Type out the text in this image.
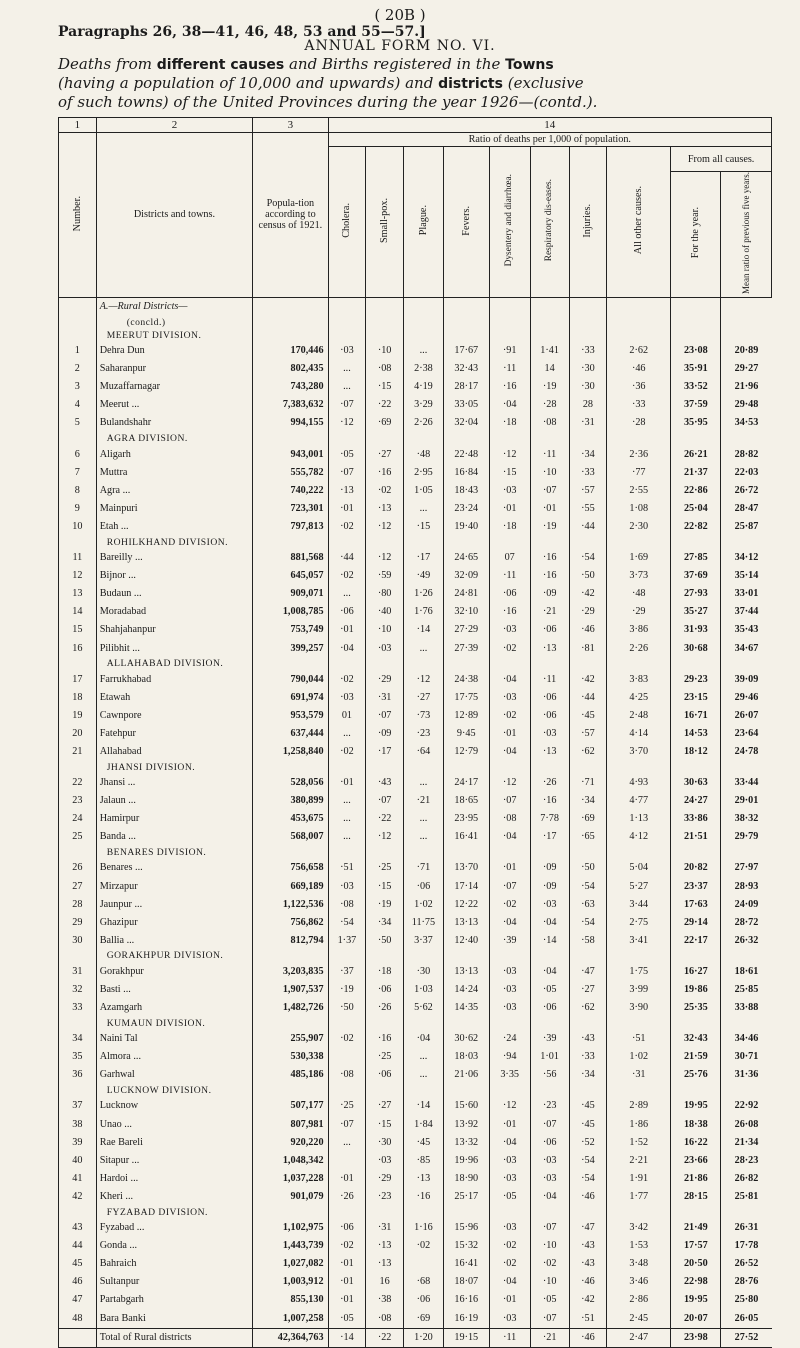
( 20B )
Paragraphs 26, 38—41, 46, 48, 53 and 55—57.]
ANNUAL FORM NO. VI.
Deaths from different causes and Births registered in the Towns
(having a population of 10,000 and upwards) and districts (exclusive
of such towns) of the United Provinces during the year 1926—(contd.).
1	2	3	14									
Number.	Districts and towns.	Popula-tion according to census of 1921.	Ratio of deaths per 1,000 of population.									
			Cholera.	Small-pox.	Plague.	Fevers.	Dysentery and diarrhœa.	Respiratory dis-eases.	Injuries.	All other causes.	From all causes.	
											For the year.	Mean ratio of previous five years.
	A.—Rural Districts—											
	(concld.)											
	MEERUT DIVISION.											
1	Dehra Dun	170,446	·03	·10	...	17·67	·91	1·41	·33	2·62	23·08	20·89
2	Saharanpur	802,435	...	·08	2·38	32·43	·11	14	·30	·46	35·91	29·27
3	Muzaffarnagar	743,280	...	·15	4·19	28·17	·16	·19	·30	·36	33·52	21·96
4	Meerut ...	7,383,632	·07	·22	3·29	33·05	·04	·28	28	·33	37·59	29·48
5	Bulandshahr	994,155	·12	·69	2·26	32·04	·18	·08	·31	·28	35·95	34·53
	AGRA DIVISION.											
6	Aligarh	943,001	·05	·27	·48	22·48	·12	·11	·34	2·36	26·21	28·82
7	Muttra	555,782	·07	·16	2·95	16·84	·15	·10	·33	·77	21·37	22·03
8	Agra ...	740,222	·13	·02	1·05	18·43	·03	·07	·57	2·55	22·86	26·72
9	Mainpuri	723,301	·01	·13	...	23·24	·01	·01	·55	1·08	25·04	28·47
10	Etah ...	797,813	·02	·12	·15	19·40	·18	·19	·44	2·30	22·82	25·87
	ROHILKHAND DIVISION.											
11	Bareilly ...	881,568	·44	·12	·17	24·65	07	·16	·54	1·69	27·85	34·12
12	Bijnor ...	645,057	·02	·59	·49	32·09	·11	·16	·50	3·73	37·69	35·14
13	Budaun ...	909,071	...	·80	1·26	24·81	·06	·09	·42	·48	27·93	33·01
14	Moradabad	1,008,785	·06	·40	1·76	32·10	·16	·21	·29	·29	35·27	37·44
15	Shahjahanpur	753,749	·01	·10	·14	27·29	·03	·06	·46	3·86	31·93	35·43
16	Pilibhit ...	399,257	·04	·03	...	27·39	·02	·13	·81	2·26	30·68	34·67
	ALLAHABAD DIVISION.											
17	Farrukhabad	790,044	·02	·29	·12	24·38	·04	·11	·42	3·83	29·23	39·09
18	Etawah	691,974	·03	·31	·27	17·75	·03	·06	·44	4·25	23·15	29·46
19	Cawnpore	953,579	01	·07	·73	12·89	·02	·06	·45	2·48	16·71	26·07
20	Fatehpur	637,444	...	·09	·23	9·45	·01	·03	·57	4·14	14·53	23·64
21	Allahabad	1,258,840	·02	·17	·64	12·79	·04	·13	·62	3·70	18·12	24·78
	JHANSI DIVISION.											
22	Jhansi ...	528,056	·01	·43	...	24·17	·12	·26	·71	4·93	30·63	33·44
23	Jalaun ...	380,899	...	·07	·21	18·65	·07	·16	·34	4·77	24·27	29·01
24	Hamirpur	453,675	...	·22	...	23·95	·08	7·78	·69	1·13	33·86	38·32
25	Banda ...	568,007	...	·12	...	16·41	·04	·17	·65	4·12	21·51	29·79
	BENARES DIVISION.											
26	Benares ...	756,658	·51	·25	·71	13·70	·01	·09	·50	5·04	20·82	27·97
27	Mirzapur	669,189	·03	·15	·06	17·14	·07	·09	·54	5·27	23·37	28·93
28	Jaunpur ...	1,122,536	·08	·19	1·02	12·22	·02	·03	·63	3·44	17·63	24·09
29	Ghazipur	756,862	·54	·34	11·75	13·13	·04	·04	·54	2·75	29·14	28·72
30	Ballia ...	812,794	1·37	·50	3·37	12·40	·39	·14	·58	3·41	22·17	26·32
	GORAKHPUR DIVISION.											
31	Gorakhpur	3,203,835	·37	·18	·30	13·13	·03	·04	·47	1·75	16·27	18·61
32	Basti ...	1,907,537	·19	·06	1·03	14·24	·03	·05	·27	3·99	19·86	25·85
33	Azamgarh	1,482,726	·50	·26	5·62	14·35	·03	·06	·62	3·90	25·35	33·88
	KUMAUN DIVISION.											
34	Naini Tal	255,907	·02	·16	·04	30·62	·24	·39	·43	·51	32·43	34·46
35	Almora ...	530,338		·25	...	18·03	·94	1·01	·33	1·02	21·59	30·71
36	Garhwal	485,186	·08	·06	...	21·06	3·35	·56	·34	·31	25·76	31·36
	LUCKNOW DIVISION.											
37	Lucknow	507,177	·25	·27	·14	15·60	·12	·23	·45	2·89	19·95	22·92
38	Unao ...	807,981	·07	·15	1·84	13·92	·01	·07	·45	1·86	18·38	26·08
39	Rae Bareli	920,220	...	·30	·45	13·32	·04	·06	·52	1·52	16·22	21·34
40	Sitapur ...	1,048,342		·03	·85	19·96	·03	·03	·54	2·21	23·66	28·23
41	Hardoi ...	1,037,228	·01	·29	·13	18·90	·03	·03	·54	1·91	21·86	26·82
42	Kheri ...	901,079	·26	·23	·16	25·17	·05	·04	·46	1·77	28·15	25·81
	FYZABAD DIVISION.											
43	Fyzabad ...	1,102,975	·06	·31	1·16	15·96	·03	·07	·47	3·42	21·49	26·31
44	Gonda ...	1,443,739	·02	·13	·02	15·32	·02	·10	·43	1·53	17·57	17·78
45	Bahraich	1,027,082	·01	·13		16·41	·02	·02	·43	3·48	20·50	26·52
46	Sultanpur	1,003,912	·01	16	·68	18·07	·04	·10	·46	3·46	22·98	28·76
47	Partabgarh	855,130	·01	·38	·06	16·16	·01	·05	·42	2·86	19·95	25·80
48	Bara Banki	1,007,258	·05	·08	·69	16·19	·03	·07	·51	2·45	20·07	26·05
	Total of Rural districts	42,364,763	·14	·22	1·20	19·15	·11	·21	·46	2·47	23·98	27·52
